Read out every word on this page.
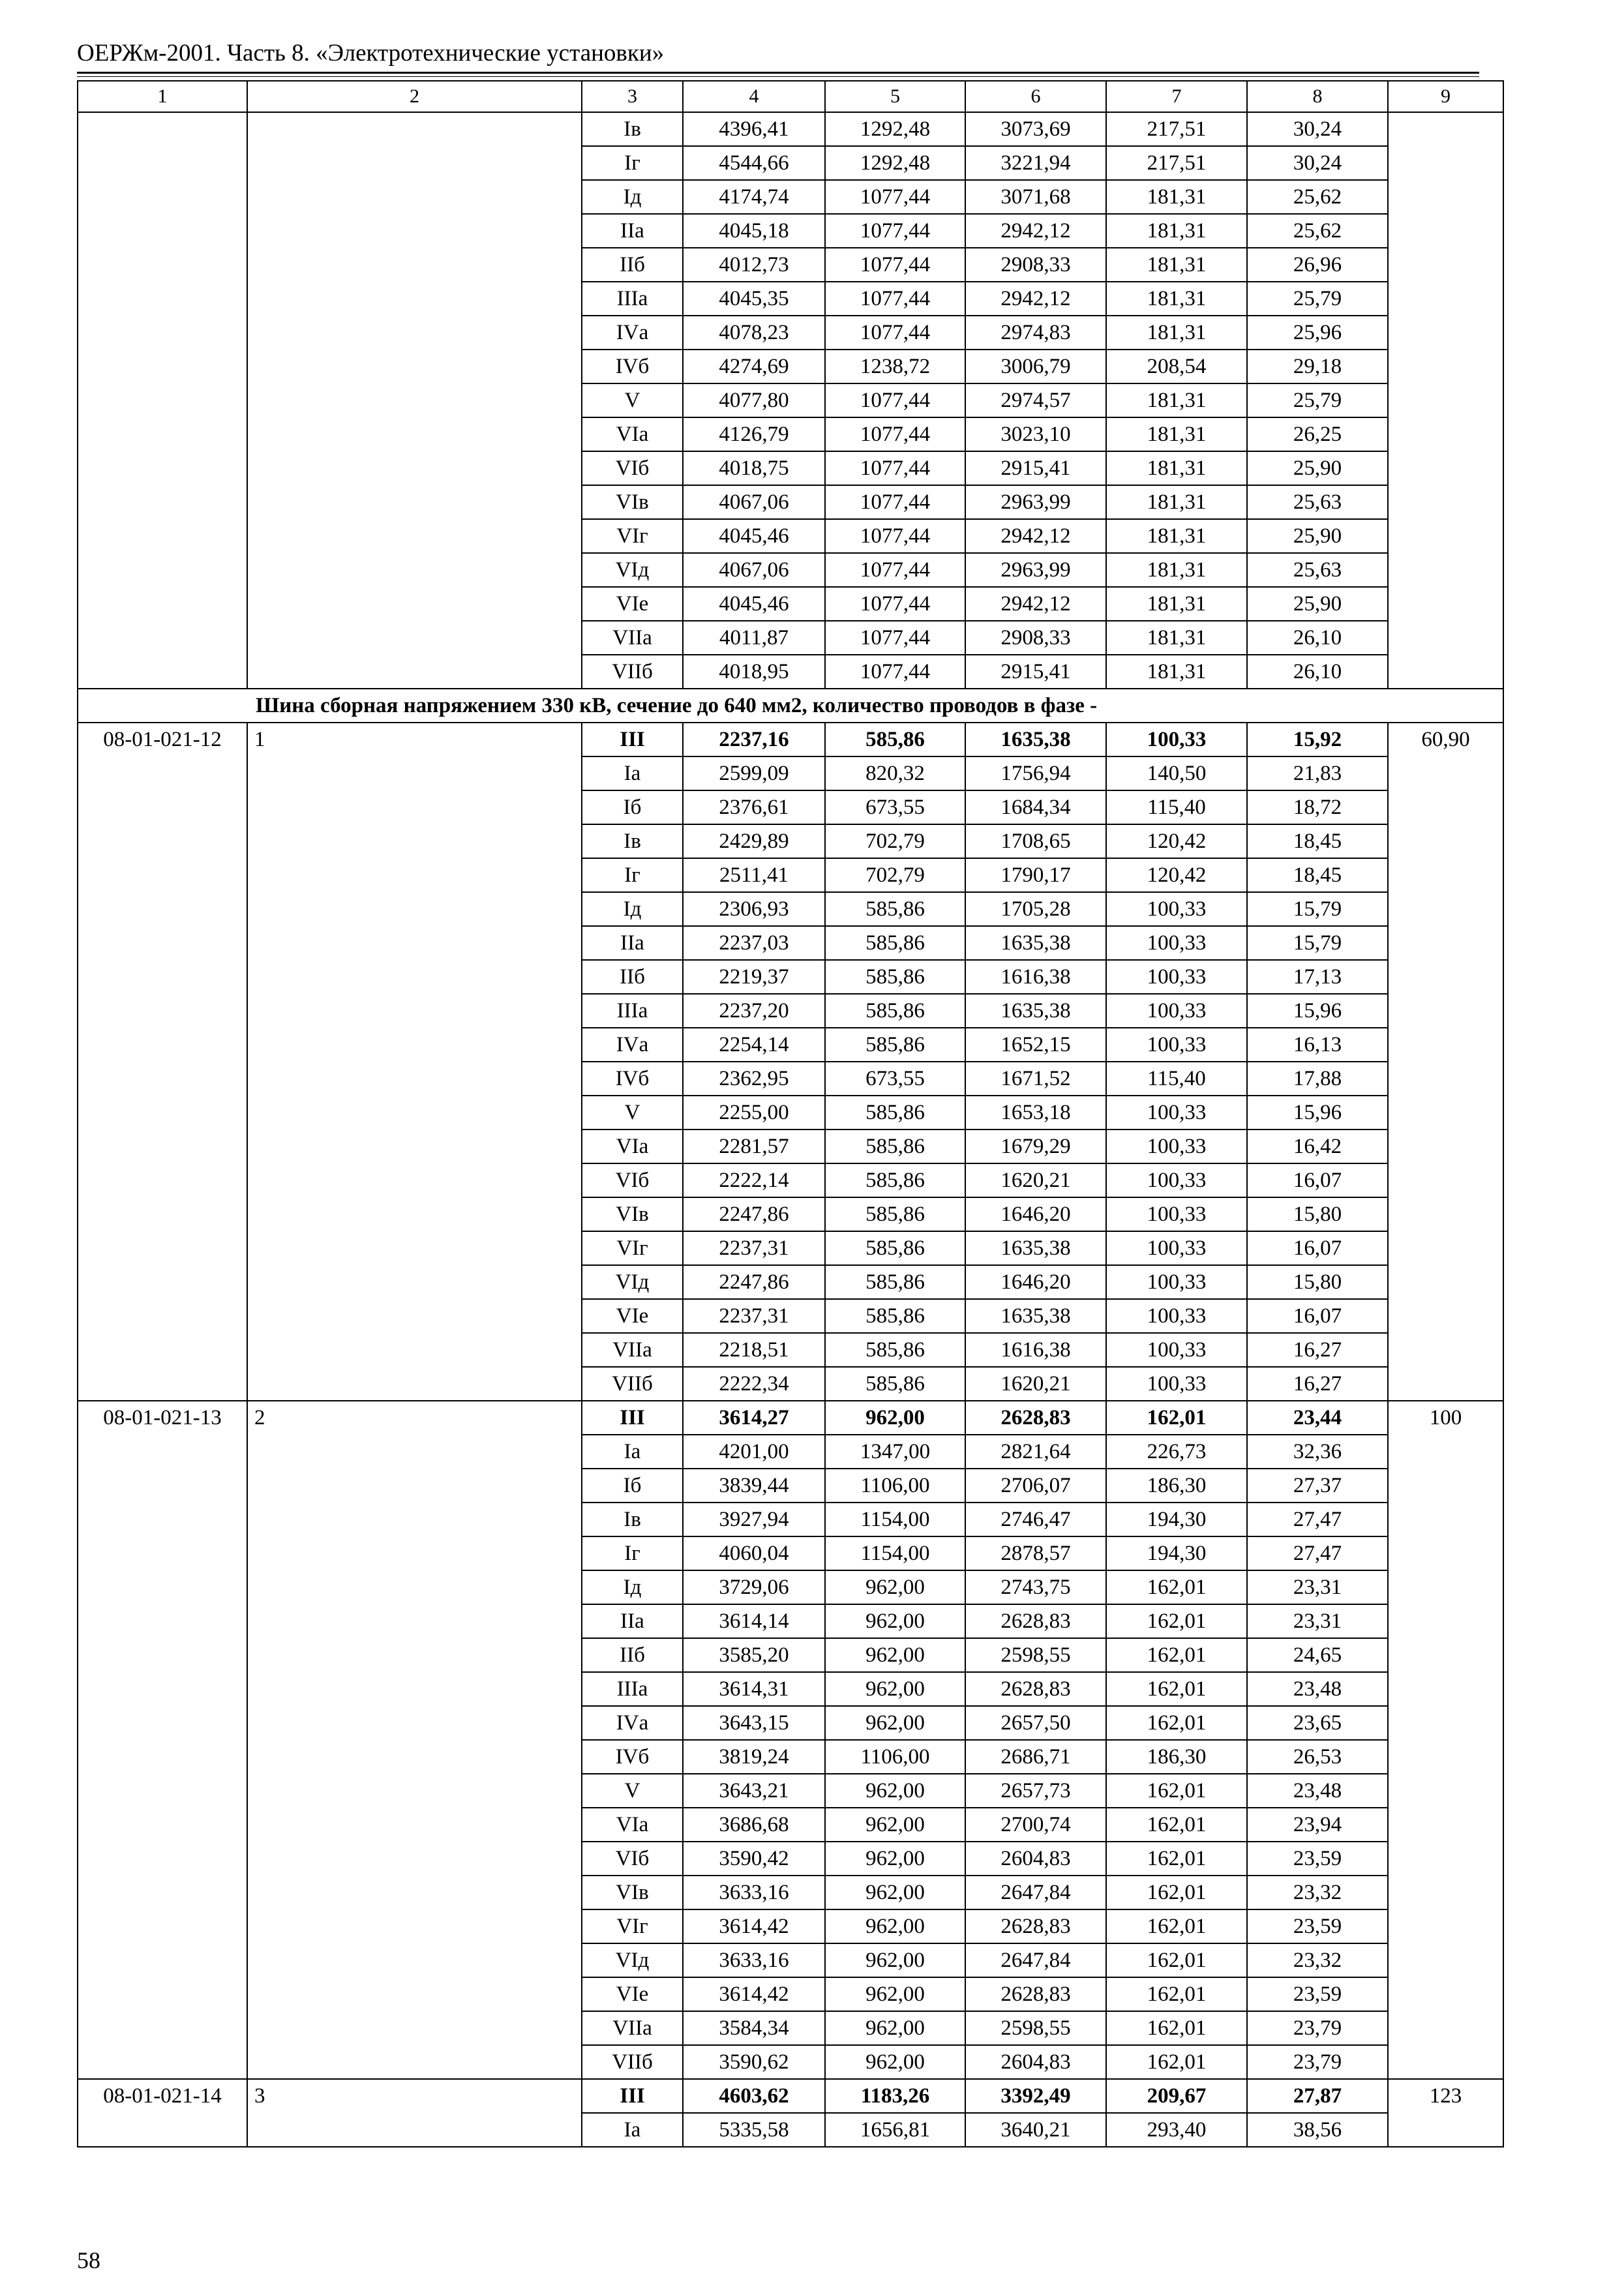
ОЕРЖм-2001. Часть 8. «Электротехнические установки»
1	2	3	4	5	6	7	8	9
		Iв	4396,41	1292,48	3073,69	217,51	30,24	
		Iг	4544,66	1292,48	3221,94	217,51	30,24	
		Iд	4174,74	1077,44	3071,68	181,31	25,62	
		IIа	4045,18	1077,44	2942,12	181,31	25,62	
		IIб	4012,73	1077,44	2908,33	181,31	26,96	
		IIIа	4045,35	1077,44	2942,12	181,31	25,79	
		IVа	4078,23	1077,44	2974,83	181,31	25,96	
		IVб	4274,69	1238,72	3006,79	208,54	29,18	
		V	4077,80	1077,44	2974,57	181,31	25,79	
		VIа	4126,79	1077,44	3023,10	181,31	26,25	
		VIб	4018,75	1077,44	2915,41	181,31	25,90	
		VIв	4067,06	1077,44	2963,99	181,31	25,63	
		VIг	4045,46	1077,44	2942,12	181,31	25,90	
		VIд	4067,06	1077,44	2963,99	181,31	25,63	
		VIе	4045,46	1077,44	2942,12	181,31	25,90	
		VIIа	4011,87	1077,44	2908,33	181,31	26,10	
		VIIб	4018,95	1077,44	2915,41	181,31	26,10	
Шина сборная напряжением 330 кВ, сечение до 640 мм2, количество проводов в фазе -								
08-01-021-12	1	III	2237,16	585,86	1635,38	100,33	15,92	60,90
		Iа	2599,09	820,32	1756,94	140,50	21,83	
		Iб	2376,61	673,55	1684,34	115,40	18,72	
		Iв	2429,89	702,79	1708,65	120,42	18,45	
		Iг	2511,41	702,79	1790,17	120,42	18,45	
		Iд	2306,93	585,86	1705,28	100,33	15,79	
		IIа	2237,03	585,86	1635,38	100,33	15,79	
		IIб	2219,37	585,86	1616,38	100,33	17,13	
		IIIа	2237,20	585,86	1635,38	100,33	15,96	
		IVа	2254,14	585,86	1652,15	100,33	16,13	
		IVб	2362,95	673,55	1671,52	115,40	17,88	
		V	2255,00	585,86	1653,18	100,33	15,96	
		VIа	2281,57	585,86	1679,29	100,33	16,42	
		VIб	2222,14	585,86	1620,21	100,33	16,07	
		VIв	2247,86	585,86	1646,20	100,33	15,80	
		VIг	2237,31	585,86	1635,38	100,33	16,07	
		VIд	2247,86	585,86	1646,20	100,33	15,80	
		VIе	2237,31	585,86	1635,38	100,33	16,07	
		VIIа	2218,51	585,86	1616,38	100,33	16,27	
		VIIб	2222,34	585,86	1620,21	100,33	16,27	
08-01-021-13	2	III	3614,27	962,00	2628,83	162,01	23,44	100
		Iа	4201,00	1347,00	2821,64	226,73	32,36	
		Iб	3839,44	1106,00	2706,07	186,30	27,37	
		Iв	3927,94	1154,00	2746,47	194,30	27,47	
		Iг	4060,04	1154,00	2878,57	194,30	27,47	
		Iд	3729,06	962,00	2743,75	162,01	23,31	
		IIа	3614,14	962,00	2628,83	162,01	23,31	
		IIб	3585,20	962,00	2598,55	162,01	24,65	
		IIIа	3614,31	962,00	2628,83	162,01	23,48	
		IVа	3643,15	962,00	2657,50	162,01	23,65	
		IVб	3819,24	1106,00	2686,71	186,30	26,53	
		V	3643,21	962,00	2657,73	162,01	23,48	
		VIа	3686,68	962,00	2700,74	162,01	23,94	
		VIб	3590,42	962,00	2604,83	162,01	23,59	
		VIв	3633,16	962,00	2647,84	162,01	23,32	
		VIг	3614,42	962,00	2628,83	162,01	23,59	
		VIд	3633,16	962,00	2647,84	162,01	23,32	
		VIе	3614,42	962,00	2628,83	162,01	23,59	
		VIIа	3584,34	962,00	2598,55	162,01	23,79	
		VIIб	3590,62	962,00	2604,83	162,01	23,79	
08-01-021-14	3	III	4603,62	1183,26	3392,49	209,67	27,87	123
		Iа	5335,58	1656,81	3640,21	293,40	38,56	
58
